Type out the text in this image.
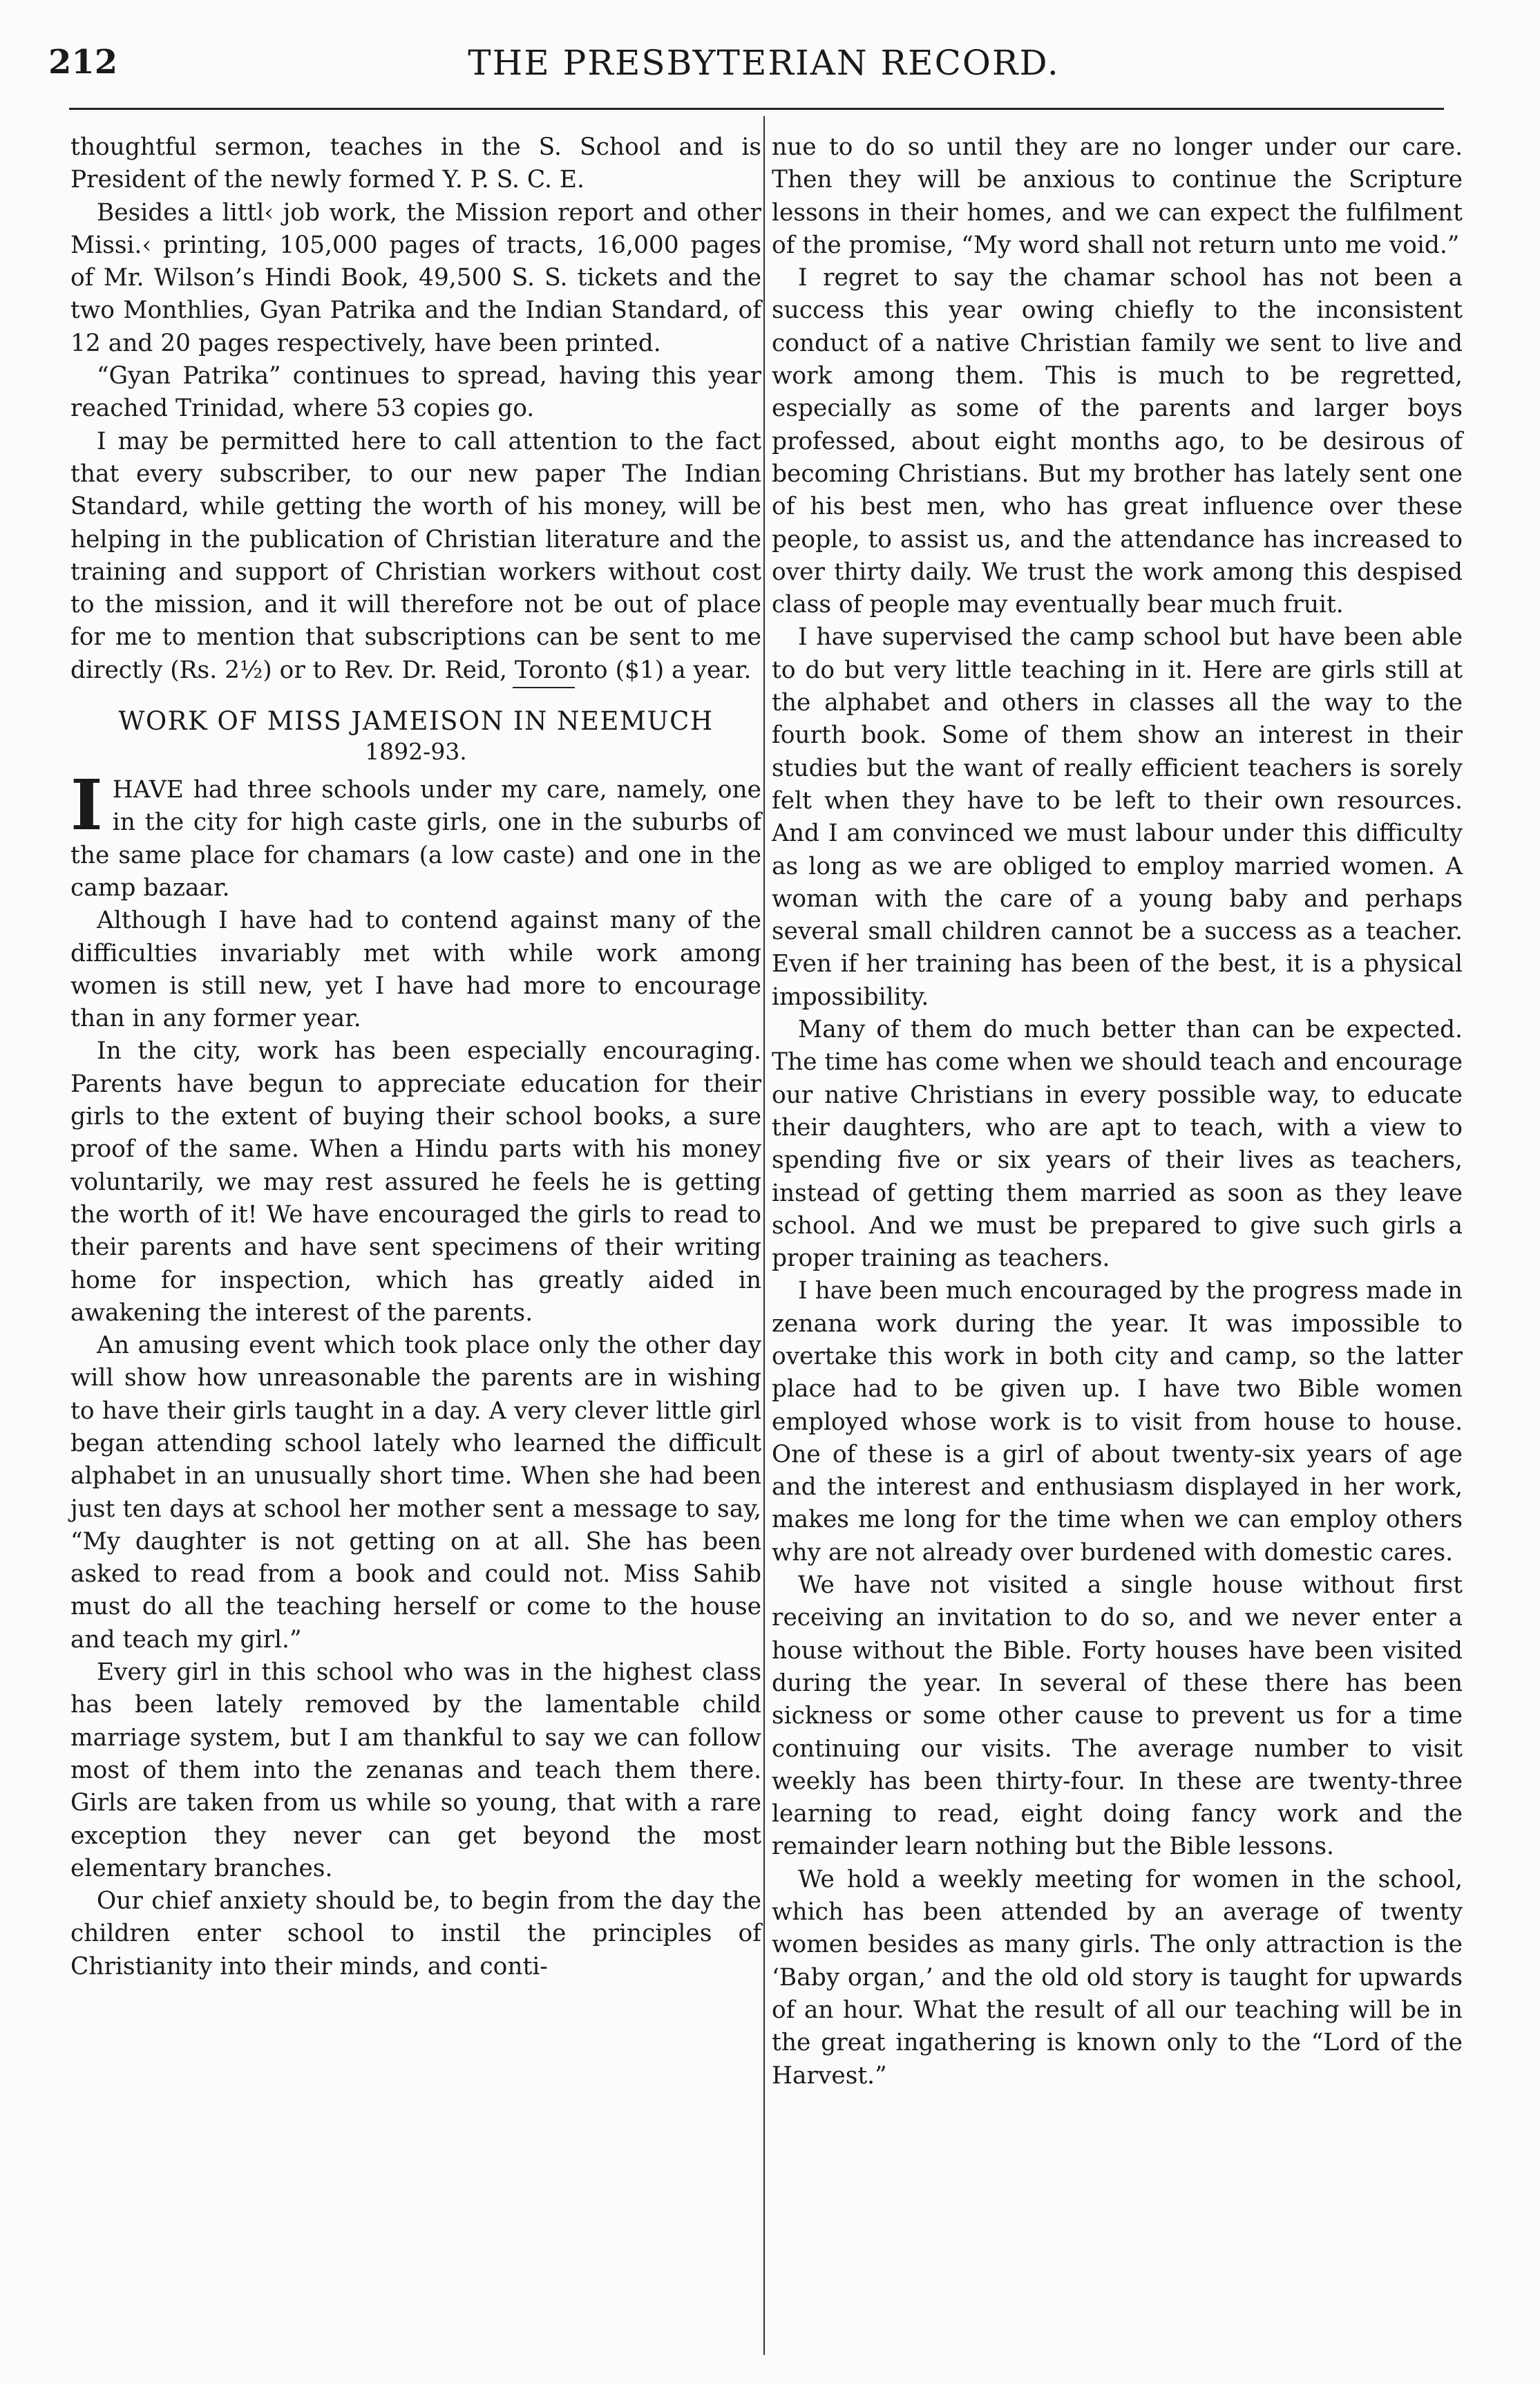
212	THE PRESBYTERIAN RECORD.

thoughtful sermon, teaches in the S. School and is President of the newly formed Y. P. S. C. E.

Besides a littl‹ job work, the Mission report and other Missi.‹ printing, 105,000 pages of tracts, 16,000 pages of Mr. Wilson’s Hindi Book, 49,500 S. S. tickets and the two Monthlies, Gyan Patrika and the Indian Standard, of 12 and 20 pages respectively, have been printed.

“Gyan Patrika” continues to spread, having this year reached Trinidad, where 53 copies go.

I may be permitted here to call attention to the fact that every subscriber, to our new paper The Indian Standard, while getting the worth of his money, will be helping in the publication of Christian literature and the training and support of Christian workers without cost to the mission, and it will therefore not be out of place for me to mention that subscriptions can be sent to me directly (Rs. 2½) or to Rev. Dr. Reid, Toronto ($1) a year.

WORK OF MISS JAMEISON IN NEEMUCH
1892-93.

IHAVE had three schools under my care, namely, one in the city for high caste girls, one in the suburbs of the same place for chamars (a low caste) and one in the camp bazaar.

Although I have had to contend against many of the difficulties invariably met with while work among women is still new, yet I have had more to encourage than in any former year.

In the city, work has been especially encouraging. Parents have begun to appreciate education for their girls to the extent of buying their school books, a sure proof of the same. When a Hindu parts with his money voluntarily, we may rest assured he feels he is getting the worth of it! We have encouraged the girls to read to their parents and have sent specimens of their writing home for inspection, which has greatly aided in awakening the interest of the parents.

An amusing event which took place only the other day will show how unreasonable the parents are in wishing to have their girls taught in a day. A very clever little girl began attending school lately who learned the difficult alphabet in an unusually short time. When she had been just ten days at school her mother sent a message to say, “My daughter is not getting on at all. She has been asked to read from a book and could not. Miss Sahib must do all the teaching herself or come to the house and teach my girl.”

Every girl in this school who was in the highest class has been lately removed by the lamentable child marriage system, but I am thankful to say we can follow most of them into the zenanas and teach them there. Girls are taken from us while so young, that with a rare exception they never can get beyond the most elementary branches.

Our chief anxiety should be, to begin from the day the children enter school to instil the principles of Christianity into their minds, and conti-

nue to do so until they are no longer under our care. Then they will be anxious to continue the Scripture lessons in their homes, and we can expect the fulfilment of the promise, “My word shall not return unto me void.”

I regret to say the chamar school has not been a success this year owing chiefly to the inconsistent conduct of a native Christian family we sent to live and work among them. This is much to be regretted, especially as some of the parents and larger boys professed, about eight months ago, to be desirous of becoming Christians. But my brother has lately sent one of his best men, who has great influence over these people, to assist us, and the attendance has increased to over thirty daily. We trust the work among this despised class of people may eventually bear much fruit.

I have supervised the camp school but have been able to do but very little teaching in it. Here are girls still at the alphabet and others in classes all the way to the fourth book. Some of them show an interest in their studies but the want of really efficient teachers is sorely felt when they have to be left to their own resources. And I am convinced we must labour under this difficulty as long as we are obliged to employ married women. A woman with the care of a young baby and perhaps several small children cannot be a success as a teacher. Even if her training has been of the best, it is a physical impossibility.

Many of them do much better than can be expected. The time has come when we should teach and encourage our native Christians in every possible way, to educate their daughters, who are apt to teach, with a view to spending five or six years of their lives as teachers, instead of getting them married as soon as they leave school. And we must be prepared to give such girls a proper training as teachers.

I have been much encouraged by the progress made in zenana work during the year. It was impossible to overtake this work in both city and camp, so the latter place had to be given up. I have two Bible women employed whose work is to visit from house to house. One of these is a girl of about twenty-six years of age and the interest and enthusiasm displayed in her work, makes me long for the time when we can employ others why are not already over burdened with domestic cares.

We have not visited a single house without first receiving an invitation to do so, and we never enter a house without the Bible. Forty houses have been visited during the year. In several of these there has been sickness or some other cause to prevent us for a time continuing our visits. The average number to visit weekly has been thirty-four. In these are twenty-three learning to read, eight doing fancy work and the remainder learn nothing but the Bible lessons.

We hold a weekly meeting for women in the school, which has been attended by an average of twenty women besides as many girls. The only attraction is the ‘Baby organ,’ and the old old story is taught for upwards of an hour. What the result of all our teaching will be in the great ingathering is known only to the “Lord of the Harvest.”
